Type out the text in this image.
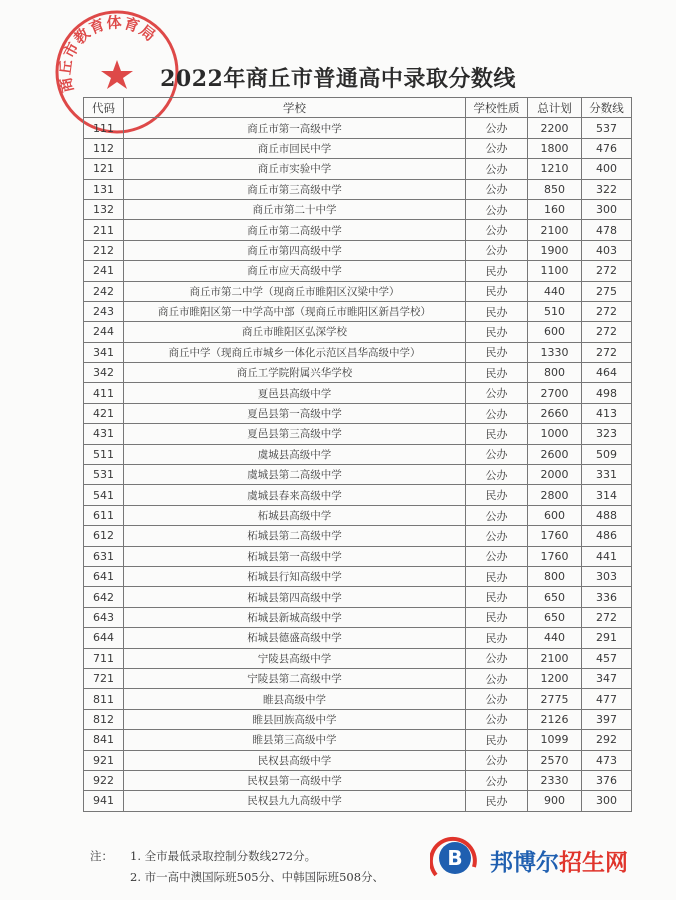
商丘市教育体育局
2022年商丘市普通高中录取分数线
代码	学校	学校性质	总计划	分数线
111	商丘市第一高级中学	公办	2200	537
112	商丘市回民中学	公办	1800	476
121	商丘市实验中学	公办	1210	400
131	商丘市第三高级中学	公办	850	322
132	商丘市第二十中学	公办	160	300
211	商丘市第二高级中学	公办	2100	478
212	商丘市第四高级中学	公办	1900	403
241	商丘市应天高级中学	民办	1100	272
242	商丘市第二中学（现商丘市睢阳区汉梁中学）	民办	440	275
243	商丘市睢阳区第一中学高中部（现商丘市睢阳区新昌学校）	民办	510	272
244	商丘市睢阳区弘深学校	民办	600	272
341	商丘中学（现商丘市城乡一体化示范区昌华高级中学）	民办	1330	272
342	商丘工学院附属兴华学校	民办	800	464
411	夏邑县高级中学	公办	2700	498
421	夏邑县第一高级中学	公办	2660	413
431	夏邑县第三高级中学	民办	1000	323
511	虞城县高级中学	公办	2600	509
531	虞城县第二高级中学	公办	2000	331
541	虞城县春来高级中学	民办	2800	314
611	柘城县高级中学	公办	600	488
612	柘城县第二高级中学	公办	1760	486
631	柘城县第一高级中学	公办	1760	441
641	柘城县行知高级中学	民办	800	303
642	柘城县第四高级中学	民办	650	336
643	柘城县新城高级中学	民办	650	272
644	柘城县德盛高级中学	民办	440	291
711	宁陵县高级中学	公办	2100	457
721	宁陵县第二高级中学	公办	1200	347
811	睢县高级中学	公办	2775	477
812	睢县回族高级中学	公办	2126	397
841	睢县第三高级中学	民办	1099	292
921	民权县高级中学	公办	2570	473
922	民权县第一高级中学	公办	2330	376
941	民权县九九高级中学	民办	900	300
注： 1. 全市最低录取控制分数线272分。
2. 市一高中澳国际班505分、中韩国际班508分、
B 邦博尔招生网
